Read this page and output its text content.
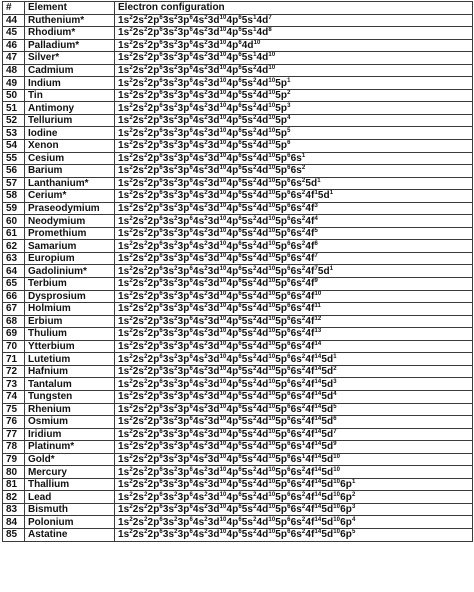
#	Element	Electron configuration
44	Ruthenium*	$1s^22s^22p^63s^23p^64s^23d^{10}4p^65s^14d^7$
45	Rhodium*	$1s^22s^22p^63s^23p^64s^23d^{10}4p^65s^14d^8$
46	Palladium*	$1s^22s^22p^63s^23p^64s^23d^{10}4p^64d^{10}$
47	Silver*	$1s^22s^22p^63s^23p^64s^23d^{10}4p^65s^14d^{10}$
48	Cadmium	$1s^22s^22p^63s^23p^64s^23d^{10}4p^65s^24d^{10}$
49	Indium	$1s^22s^22p^63s^23p^64s^23d^{10}4p^65s^24d^{10}5p^1$
50	Tin	$1s^22s^22p^63s^23p^64s^23d^{10}4p^65s^24d^{10}5p^2$
51	Antimony	$1s^22s^22p^63s^23p^64s^23d^{10}4p^65s^24d^{10}5p^3$
52	Tellurium	$1s^22s^22p^63s^23p^64s^23d^{10}4p^65s^24d^{10}5p^4$
53	Iodine	$1s^22s^22p^63s^23p^64s^23d^{10}4p^65s^24d^{10}5p^5$
54	Xenon	$1s^22s^22p^63s^23p^64s^23d^{10}4p^65s^24d^{10}5p^6$
55	Cesium	$1s^22s^22p^63s^23p^64s^23d^{10}4p^65s^24d^{10}5p^66s^1$
56	Barium	$1s^22s^22p^63s^23p^64s^23d^{10}4p^65s^24d^{10}5p^66s^2$
57	Lanthanium*	$1s^22s^22p^63s^23p^64s^23d^{10}4p^65s^24d^{10}5p^66s^25d^1$
58	Cerium*	$1s^22s^22p^63s^23p^64s^23d^{10}4p^65s^24d^{10}5p^66s^24f^15d^1$
59	Praseodymium	$1s^22s^22p^63s^23p^64s^23d^{10}4p^65s^24d^{10}5p^66s^24f^3$
60	Neodymium	$1s^22s^22p^63s^23p^64s^23d^{10}4p^65s^24d^{10}5p^66s^24f^4$
61	Promethium	$1s^22s^22p^63s^23p^64s^23d^{10}4p^65s^24d^{10}5p^66s^24f^5$
62	Samarium	$1s^22s^22p^63s^23p^64s^23d^{10}4p^65s^24d^{10}5p^66s^24f^6$
63	Europium	$1s^22s^22p^63s^23p^64s^23d^{10}4p^65s^24d^{10}5p^66s^24f^7$
64	Gadolinium*	$1s^22s^22p^63s^23p^64s^23d^{10}4p^65s^24d^{10}5p^66s^24f^75d^1$
65	Terbium	$1s^22s^22p^63s^23p^64s^23d^{10}4p^65s^24d^{10}5p^66s^24f^9$
66	Dysprosium	$1s^22s^22p^63s^23p^64s^23d^{10}4p^65s^24d^{10}5p^66s^24f^{10}$
67	Holmium	$1s^22s^22p^63s^23p^64s^23d^{10}4p^65s^24d^{10}5p^66s^24f^{11}$
68	Erbium	$1s^22s^22p^63s^23p^64s^23d^{10}4p^65s^24d^{10}5p^66s^24f^{12}$
69	Thulium	$1s^22s^22p^63s^23p^64s^23d^{10}4p^65s^24d^{10}5p^66s^24f^{13}$
70	Ytterbium	$1s^22s^22p^63s^23p^64s^23d^{10}4p^65s^24d^{10}5p^66s^24f^{14}$
71	Lutetium	$1s^22s^22p^63s^23p^64s^23d^{10}4p^65s^24d^{10}5p^66s^24f^{14}5d^1$
72	Hafnium	$1s^22s^22p^63s^23p^64s^23d^{10}4p^65s^24d^{10}5p^66s^24f^{14}5d^2$
73	Tantalum	$1s^22s^22p^63s^23p^64s^23d^{10}4p^65s^24d^{10}5p^66s^24f^{14}5d^3$
74	Tungsten	$1s^22s^22p^63s^23p^64s^23d^{10}4p^65s^24d^{10}5p^66s^24f^{14}5d^4$
75	Rhenium	$1s^22s^22p^63s^23p^64s^23d^{10}4p^65s^24d^{10}5p^66s^24f^{14}5d^5$
76	Osmium	$1s^22s^22p^63s^23p^64s^23d^{10}4p^65s^24d^{10}5p^66s^24f^{14}5d^6$
77	Iridium	$1s^22s^22p^63s^23p^64s^23d^{10}4p^65s^24d^{10}5p^66s^24f^{14}5d^7$
78	Platinum*	$1s^22s^22p^63s^23p^64s^23d^{10}4p^65s^24d^{10}5p^66s^14f^{14}5d^9$
79	Gold*	$1s^22s^22p^63s^23p^64s^23d^{10}4p^65s^24d^{10}5p^66s^14f^{14}5d^{10}$
80	Mercury	$1s^22s^22p^63s^23p^64s^23d^{10}4p^65s^24d^{10}5p^66s^24f^{14}5d^{10}$
81	Thallium	$1s^22s^22p^63s^23p^64s^23d^{10}4p^65s^24d^{10}5p^66s^24f^{14}5d^{10}6p^1$
82	Lead	$1s^22s^22p^63s^23p^64s^23d^{10}4p^65s^24d^{10}5p^66s^24f^{14}5d^{10}6p^2$
83	Bismuth	$1s^22s^22p^63s^23p^64s^23d^{10}4p^65s^24d^{10}5p^66s^24f^{14}5d^{10}6p^3$
84	Polonium	$1s^22s^22p^63s^23p^64s^23d^{10}4p^65s^24d^{10}5p^66s^24f^{14}5d^{10}6p^4$
85	Astatine	$1s^22s^22p^63s^23p^64s^23d^{10}4p^65s^24d^{10}5p^66s^24f^{14}5d^{10}6p^5$
